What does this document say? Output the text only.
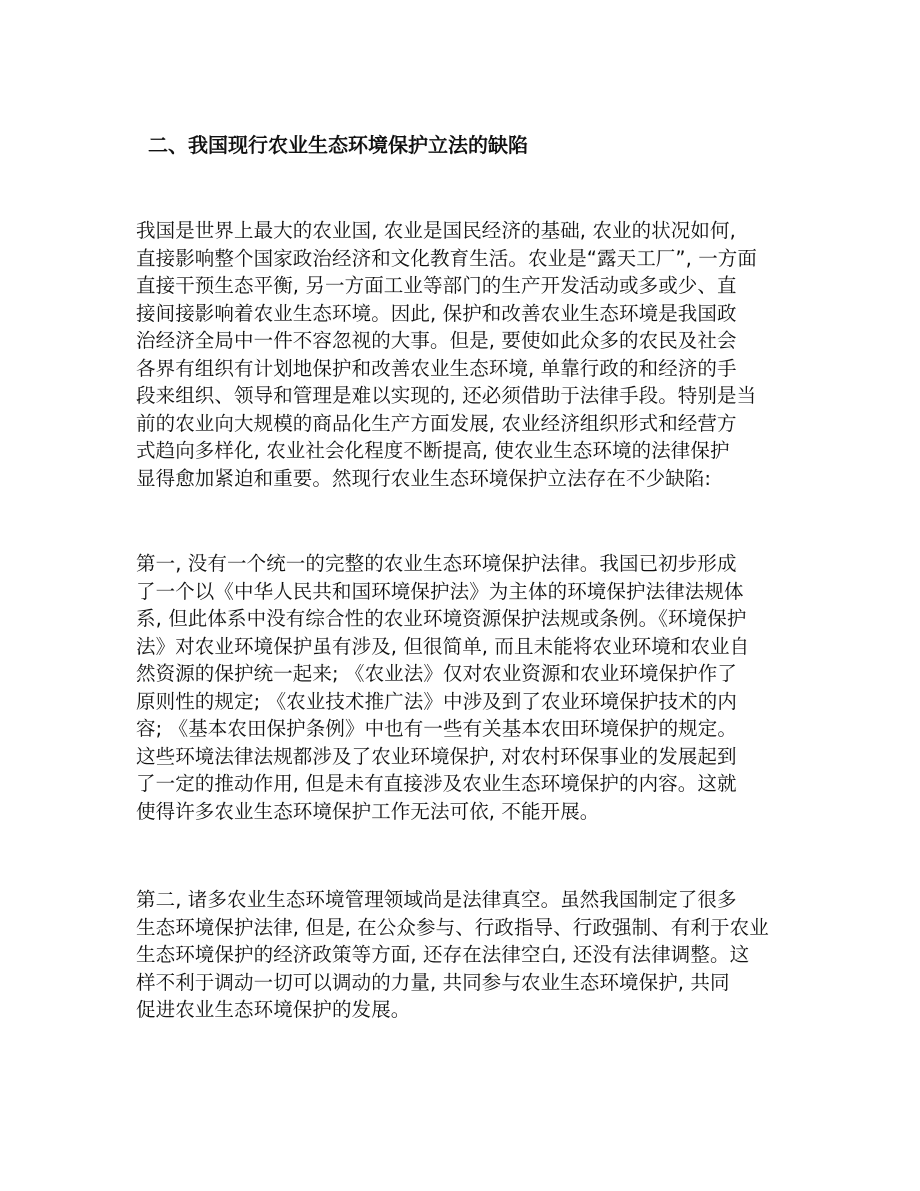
二、我国现行农业生态环境保护立法的缺陷
我国是世界上最大的农业国, 农业是国民经济的基础, 农业的状况如何,
直接影响整个国家政治经济和文化教育生活。农业是“露天工厂”, 一方面
直接干预生态平衡, 另一方面工业等部门的生产开发活动或多或少、直
接间接影响着农业生态环境。因此, 保护和改善农业生态环境是我国政
治经济全局中一件不容忽视的大事。但是, 要使如此众多的农民及社会
各界有组织有计划地保护和改善农业生态环境, 单靠行政的和经济的手
段来组织、领导和管理是难以实现的, 还必须借助于法律手段。特别是当
前的农业向大规模的商品化生产方面发展, 农业经济组织形式和经营方
式趋向多样化, 农业社会化程度不断提高, 使农业生态环境的法律保护
显得愈加紧迫和重要。然现行农业生态环境保护立法存在不少缺陷:
第一, 没有一个统一的完整的农业生态环境保护法律。我国已初步形成
了一个以《中华人民共和国环境保护法》为主体的环境保护法律法规体
系, 但此体系中没有综合性的农业环境资源保护法规或条例。《环境保护
法》对农业环境保护虽有涉及, 但很简单, 而且未能将农业环境和农业自
然资源的保护统一起来; 《农业法》仅对农业资源和农业环境保护作了
原则性的规定; 《农业技术推广法》中涉及到了农业环境保护技术的内
容; 《基本农田保护条例》中也有一些有关基本农田环境保护的规定。
这些环境法律法规都涉及了农业环境保护, 对农村环保事业的发展起到
了一定的推动作用, 但是未有直接涉及农业生态环境保护的内容。这就
使得许多农业生态环境保护工作无法可依, 不能开展。
第二, 诸多农业生态环境管理领域尚是法律真空。虽然我国制定了很多
生态环境保护法律, 但是, 在公众参与、行政指导、行政强制、有利于农业
生态环境保护的经济政策等方面, 还存在法律空白, 还没有法律调整。这
样不利于调动一切可以调动的力量, 共同参与农业生态环境保护, 共同
促进农业生态环境保护的发展。
